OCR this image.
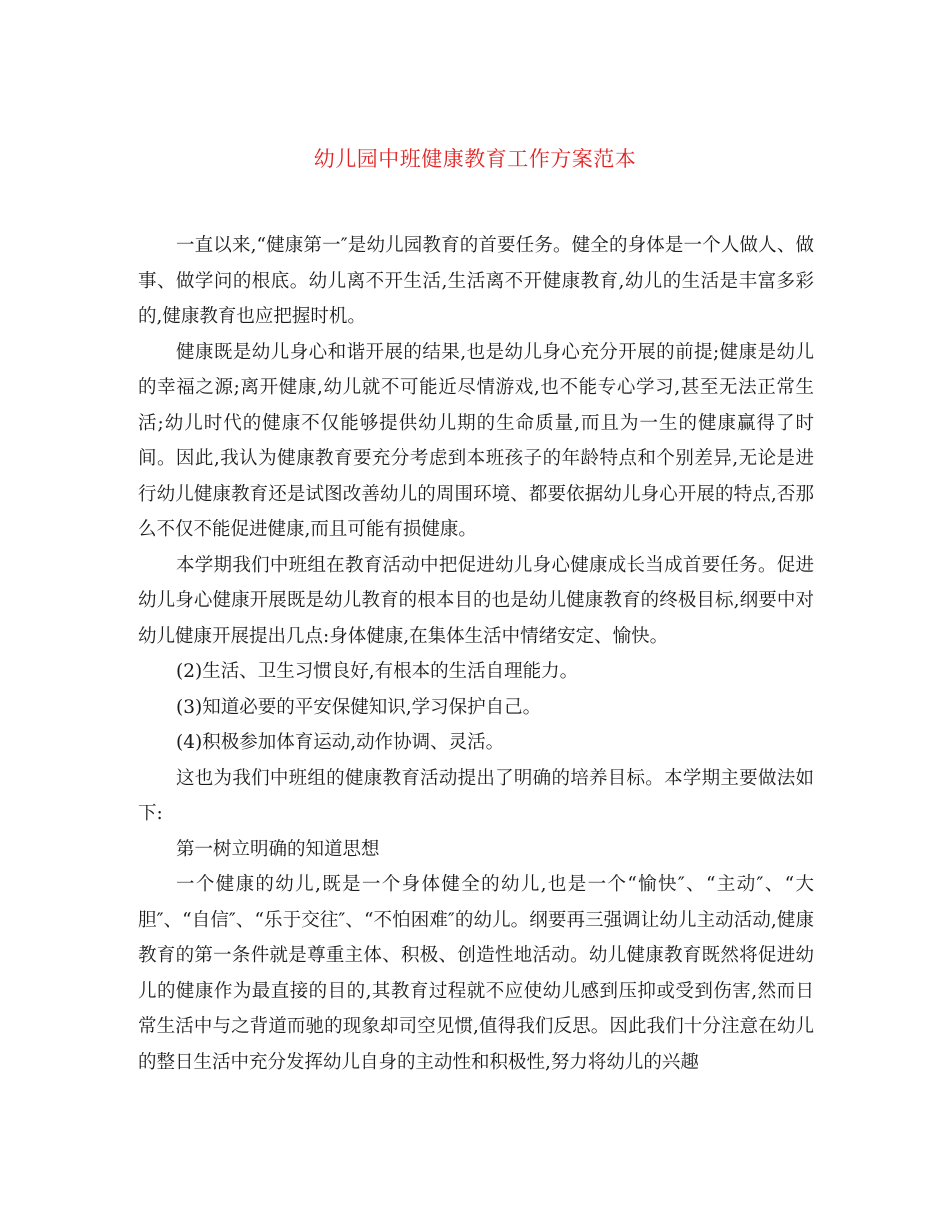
幼儿园中班健康教育工作方案范本

一直以来,“健康第一″是幼儿园教育的首要任务。健全的身体是一个人做人、做事、做学问的根底。幼儿离不开生活,生活离不开健康教育,幼儿的生活是丰富多彩的,健康教育也应把握时机。

健康既是幼儿身心和谐开展的结果,也是幼儿身心充分开展的前提;健康是幼儿的幸福之源;离开健康,幼儿就不可能近尽情游戏,也不能专心学习,甚至无法正常生活;幼儿时代的健康不仅能够提供幼儿期的生命质量,而且为一生的健康赢得了时间。因此,我认为健康教育要充分考虑到本班孩子的年龄特点和个别差异,无论是进行幼儿健康教育还是试图改善幼儿的周围环境、都要依据幼儿身心开展的特点,否那么不仅不能促进健康,而且可能有损健康。

本学期我们中班组在教育活动中把促进幼儿身心健康成长当成首要任务。促进幼儿身心健康开展既是幼儿教育的根本目的也是幼儿健康教育的终极目标,纲要中对幼儿健康开展提出几点:身体健康,在集体生活中情绪安定、愉快。

(2)生活、卫生习惯良好,有根本的生活自理能力。

(3)知道必要的平安保健知识,学习保护自己。

(4)积极参加体育运动,动作协调、灵活。

这也为我们中班组的健康教育活动提出了明确的培养目标。本学期主要做法如下:

第一树立明确的知道思想

一个健康的幼儿,既是一个身体健全的幼儿,也是一个“愉快″、“主动″、“大胆″、“自信″、“乐于交往″、“不怕困难″的幼儿。纲要再三强调让幼儿主动活动,健康教育的第一条件就是尊重主体、积极、创造性地活动。幼儿健康教育既然将促进幼儿的健康作为最直接的目的,其教育过程就不应使幼儿感到压抑或受到伤害,然而日常生活中与之背道而驰的现象却司空见惯,值得我们反思。因此我们十分注意在幼儿的整日生活中充分发挥幼儿自身的主动性和积极性,努力将幼儿的兴趣
